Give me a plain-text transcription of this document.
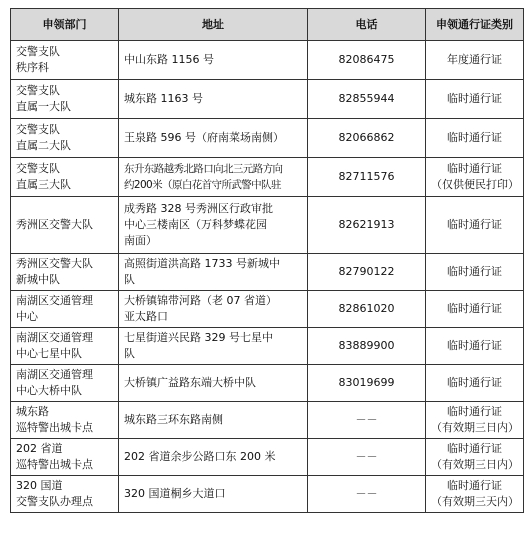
申领部门	地址	电话	申领通行证类别

交警支队
秩序科	中山东路 1156 号	82086475	年度通行证

交警支队
直属一大队	城东路 1163 号	82855944	临时通行证

交警支队
直属二大队	王泉路 596 号（府南菜场南侧）	82066862	临时通行证

交警支队
直属三大队	东升东路越秀北路口向北三元路方向
约200米（原白花首守所武警中队驻	82711576	临时通行证
（仅供便民打印）

秀洲区交警大队	成秀路 328 号秀洲区行政审批
中心三楼南区（万科梦蝶花园
南面）	82621913	临时通行证

秀洲区交警大队
新城中队	高照街道洪高路 1733 号新城中
队	82790122	临时通行证

南湖区交通管理
中心	大桥镇锦带河路（老 07 省道）
亚太路口	82861020	临时通行证

南湖区交通管理
中心七星中队	七星街道兴民路 329 号七星中
队	83889900	临时通行证

南湖区交通管理
中心大桥中队	大桥镇广益路东端大桥中队	83019699	临时通行证

城东路
巡特警出城卡点	城东路三环东路南侧	－－	临时通行证
（有效期三日内）

202 省道
巡特警出城卡点	202 省道余步公路口东 200 米	－－	临时通行证
（有效期三日内）

320 国道
交警支队办理点	320 国道桐乡大道口	－－	临时通行证
（有效期三天内）
